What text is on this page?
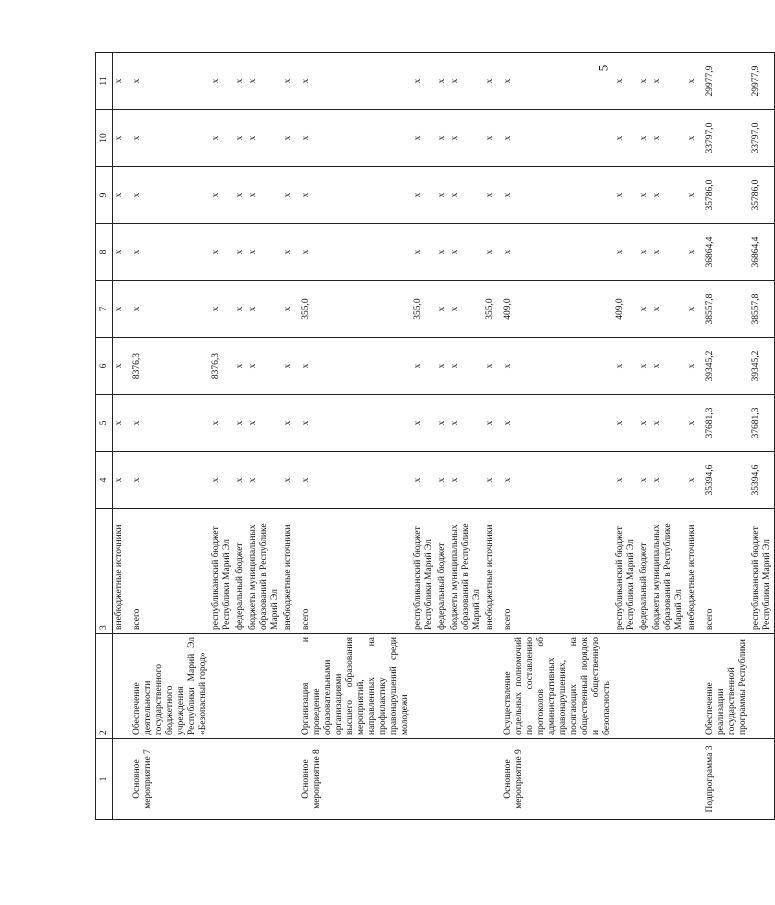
5
1	2	3	4	5	6	7	8	9	10	11
		внебюджетные источники	x	x	x	x	x	x	x	x
Основное мероприятие 7	Обеспечение деятельности государственного бюджетного учреждения Республики Марий Эл «Безопасный город»	всего	x	x	8376,3	x	x	x	x	x
		республиканский бюджет Республики Марий Эл	x	x	8376,3	x	x	x	x	x
		федеральный бюджет	x	x	x	x	x	x	x	x
		бюджеты муниципальных образований в Республике Марий Эл	x	x	x	x	x	x	x	x
		внебюджетные источники	x	x	x	x	x	x	x	x
Основное мероприятие 8	Организация и проведение образовательными организациями высшего образования мероприятий, направленных на профилактику правонарушений среди молодежи	всего	x	x	x	355,0	x	x	x	x
		республиканский бюджет Республики Марий Эл	x	x	x	355,0	x	x	x	x
		федеральный бюджет	x	x	x	x	x	x	x	x
		бюджеты муниципальных образований в Республике Марий Эл	x	x	x	x	x	x	x	x
		внебюджетные источники	x	x	x	355,0	x	x	x	x
Основное мероприятие 9	Осуществление отдельных полномочий по составлению протоколов об административных правонарушениях, посягающих на общественный порядок и общественную безопасность	всего	x	x	x	409,0	x	x	x	x
		республиканский бюджет Республики Марий Эл	x	x	x	409,0	x	x	x	x
		федеральный бюджет	x	x	x	x	x	x	x	x
		бюджеты муниципальных образований в Республике Марий Эл	x	x	x	x	x	x	x	x
		внебюджетные источники	x	x	x	x	x	x	x	x
Подпрограмма 3	Обеспечение реализации государственной программы Республики	всего	35394,6	37681,3	39345,2	38557,8	36864,4	35786,0	33797,0	29977,9
		республиканский бюджет Республики Марий Эл	35394,6	37681,3	39345,2	38557,8	36864,4	35786,0	33797,0	29977,9
